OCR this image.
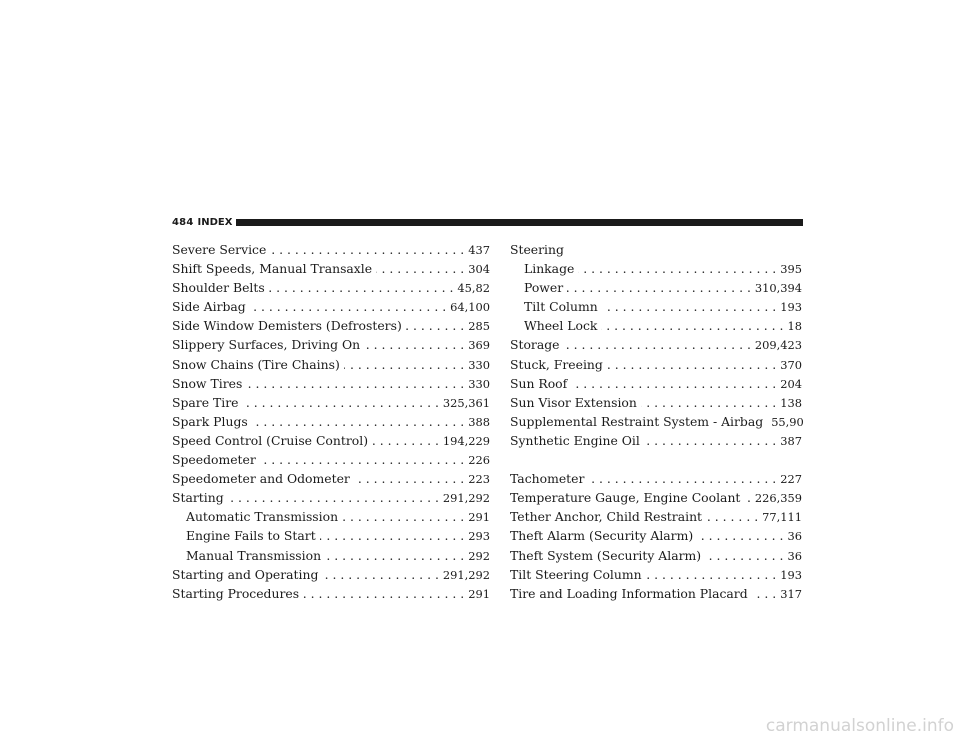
484 INDEX
Severe Service . . .	437
Shift Speeds, Manual Transaxle . . .	304
Shoulder Belts . . .	45,82
Side Airbag . . .	64,100
Side Window Demisters (Defrosters) . . .	285
Slippery Surfaces, Driving On . . .	369
Snow Chains (Tire Chains) . . .	330
Snow Tires . . .	330
Spare Tire . . .	325,361
Spark Plugs . . .	388
Speed Control (Cruise Control) . . .	194,229
Speedometer . . .	226
Speedometer and Odometer . . .	223
Starting . . .	291,292
Automatic Transmission . . .	291
Engine Fails to Start . . .	293
Manual Transmission . . .	292
Starting and Operating . . .	291,292
Starting Procedures . . .	291
Steering
Linkage . . .	395
Power . . .	310,394
Tilt Column . . .	193
Wheel Lock . . .	18
Storage . . .	209,423
Stuck, Freeing . . .	370
Sun Roof . . .	204
Sun Visor Extension . . .	138
Supplemental Restraint System - Airbag 55,90
Synthetic Engine Oil . . .	387
Tachometer . . .	227
Temperature Gauge, Engine Coolant . . . 226,359
Tether Anchor, Child Restraint . . .	77,111
Theft Alarm (Security Alarm) . . .	36
Theft System (Security Alarm) . . .	36
Tilt Steering Column . . .	193
Tire and Loading Information Placard . . .	317
carmanualsonline.info
